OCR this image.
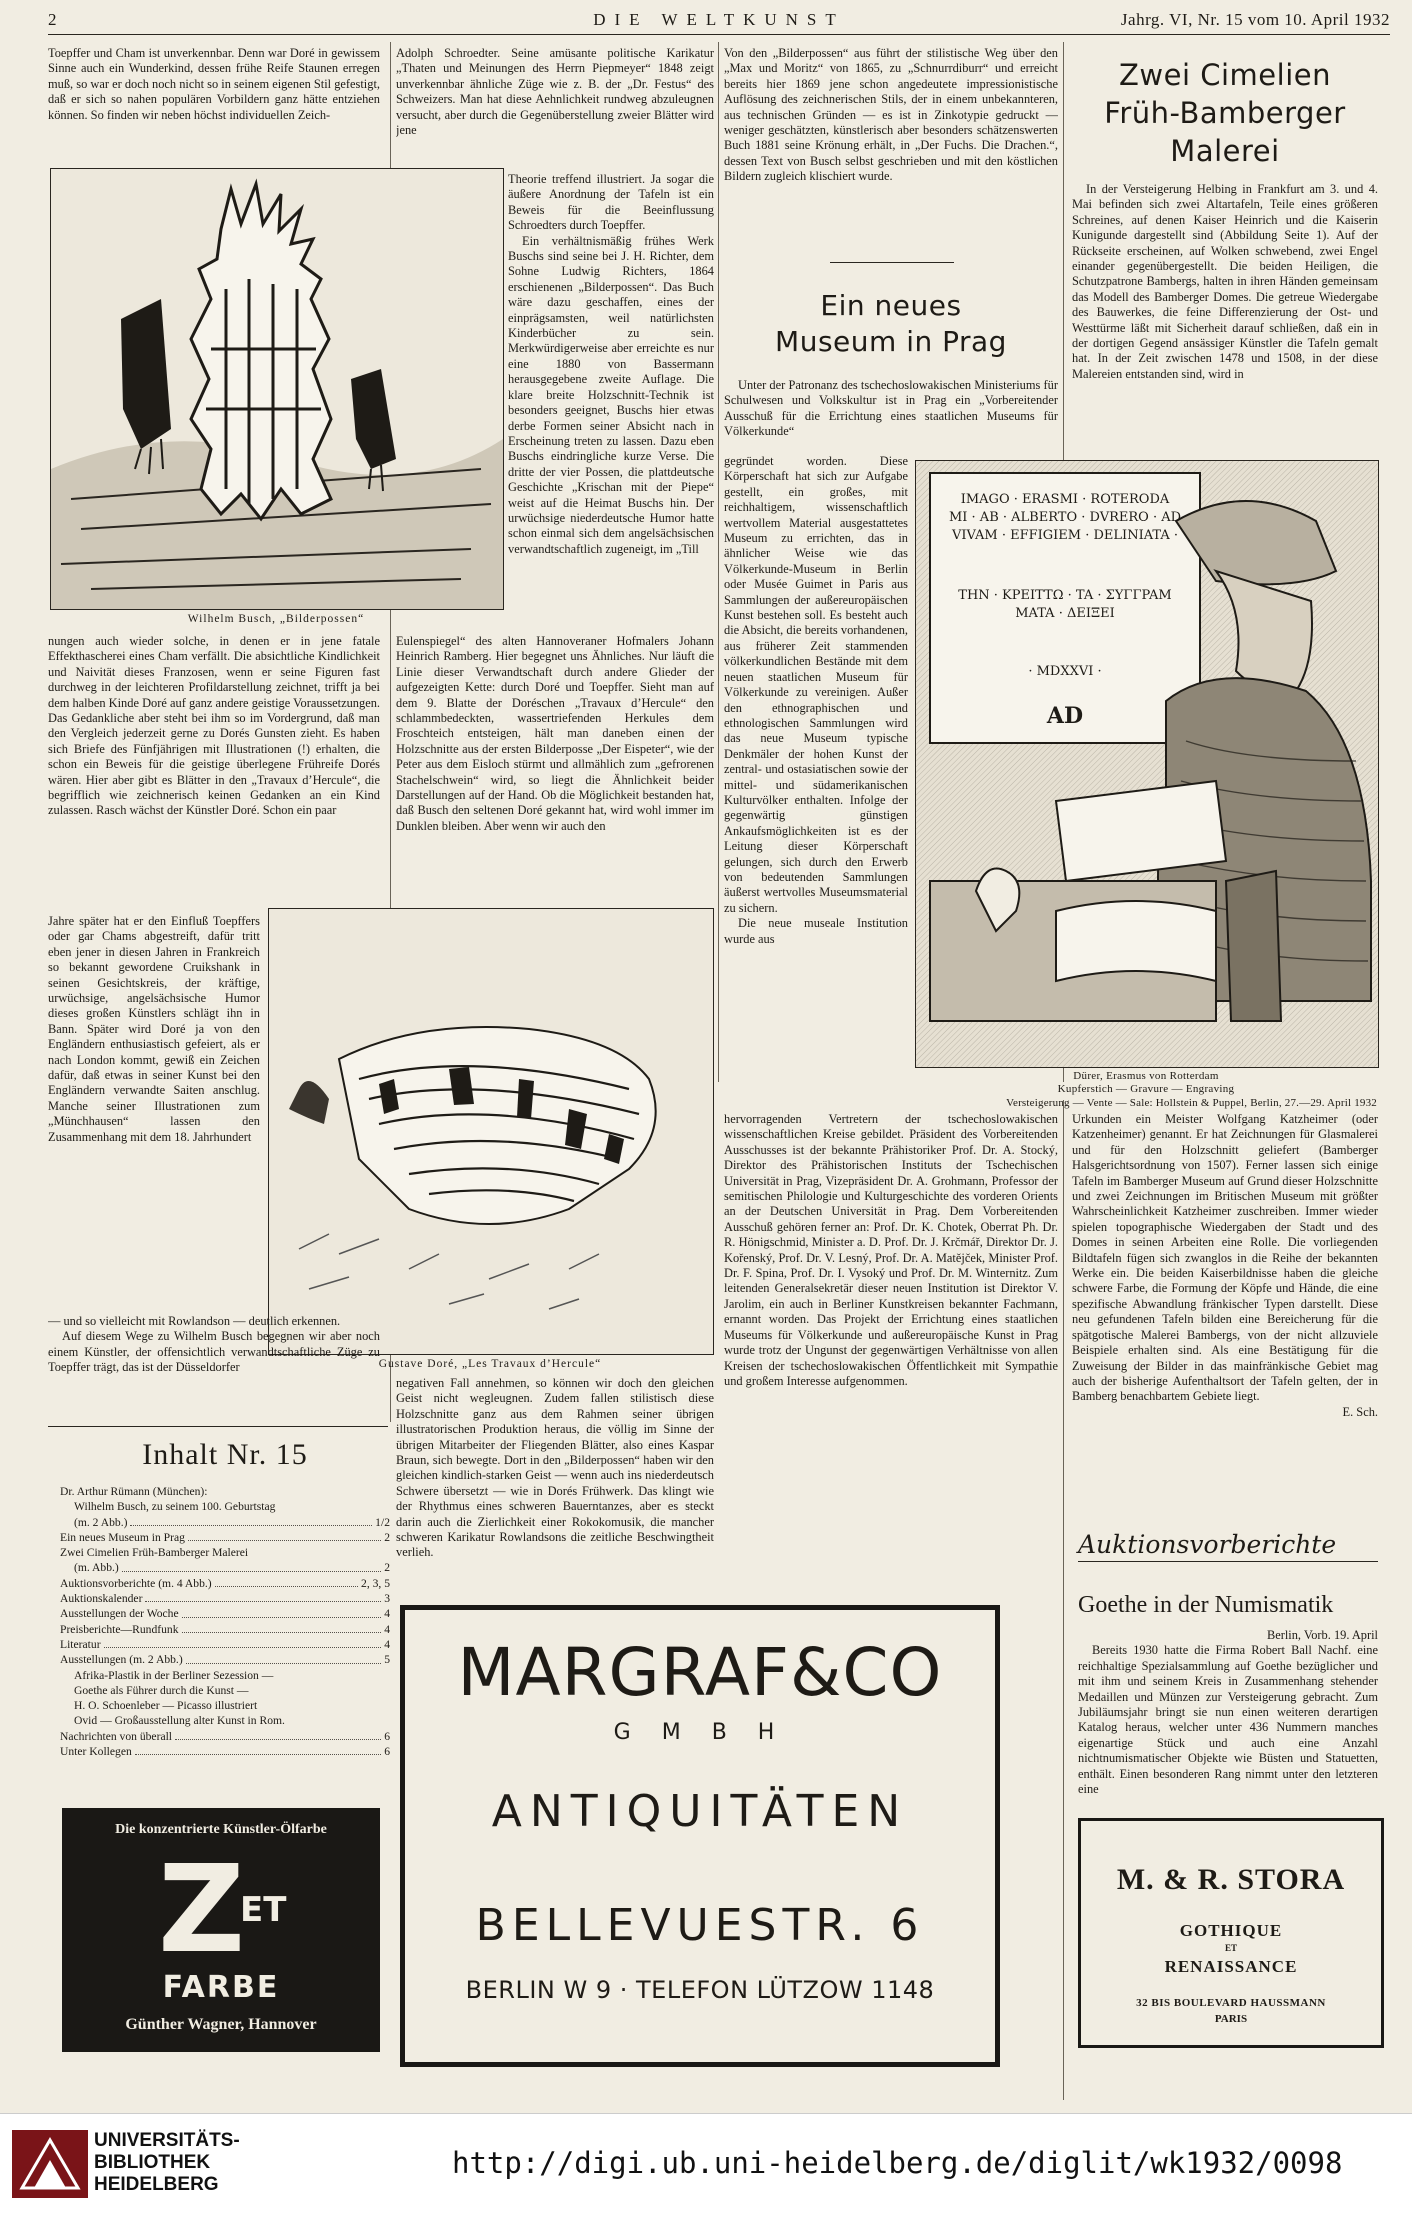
2	DIE WELTKUNST	Jahrg. VI, Nr. 15 vom 10. April 1932

Toepffer und Cham ist unverkennbar. Denn war Doré in gewissem Sinne auch ein Wunderkind, dessen frühe Reife Staunen erregen muß, so war er doch noch nicht so in seinem eigenen Stil gefestigt, daß er sich so nahen populären Vorbildern ganz hätte entziehen können. So finden wir neben höchst individuellen Zeich-

Adolph Schroedter. Seine amüsante politische Karikatur „Thaten und Meinungen des Herrn Piepmeyer“ 1848 zeigt unverkennbar ähnliche Züge wie z. B. der „Dr. Festus“ des Schweizers. Man hat diese Aehnlichkeit rundweg abzuleugnen versucht, aber durch die Gegenüberstellung zweier Blätter wird jene

Wilhelm Busch, „Bilderpossen“

Theorie treffend illustriert. Ja sogar die äußere Anordnung der Tafeln ist ein Beweis für die Beeinflussung Schroedters durch Toepffer.

Ein verhältnismäßig frühes Werk Buschs sind seine bei J. H. Richter, dem Sohne Ludwig Richters, 1864 erschienenen „Bilderpossen“. Das Buch wäre dazu geschaffen, eines der einprägsamsten, weil natürlichsten Kinderbücher zu sein. Merkwürdigerweise aber erreichte es nur eine 1880 von Bassermann herausgegebene zweite Auflage. Die klare breite Holzschnitt-Technik ist besonders geeignet, Buschs hier etwas derbe Formen seiner Absicht nach in Erscheinung treten zu lassen. Dazu eben Buschs eindringliche kurze Verse. Die dritte der vier Possen, die plattdeutsche Geschichte „Krischan mit der Piepe“ weist auf die Heimat Buschs hin. Der urwüchsige niederdeutsche Humor hatte schon einmal sich dem angelsächsischen verwandtschaftlich zugeneigt, im „Till

nungen auch wieder solche, in denen er in jene fatale Effekthascherei eines Cham verfällt. Die absichtliche Kindlichkeit und Naivität dieses Franzosen, wenn er seine Figuren fast durchweg in der leichteren Profildarstellung zeichnet, trifft ja bei dem halben Kinde Doré auf ganz andere geistige Voraussetzungen. Das Gedankliche aber steht bei ihm so im Vordergrund, daß man den Vergleich jederzeit gerne zu Dorés Gunsten zieht. Es haben sich Briefe des Fünfjährigen mit Illustrationen (!) erhalten, die schon ein Beweis für die geistige überlegene Frühreife Dorés wären. Hier aber gibt es Blätter in den „Travaux d’Hercule“, die begrifflich wie zeichnerisch keinen Gedanken an ein Kind zulassen. Rasch wächst der Künstler Doré. Schon ein paar

Jahre später hat er den Einfluß Toepffers oder gar Chams abgestreift, dafür tritt eben jener in diesen Jahren in Frankreich so bekannt gewordene Cruikshank in seinen Gesichtskreis, der kräftige, urwüchsige, angelsächsische Humor dieses großen Künstlers schlägt ihn in Bann. Später wird Doré ja von den Engländern enthusiastisch gefeiert, als er nach London kommt, gewiß ein Zeichen dafür, daß etwas in seiner Kunst bei den Engländern verwandte Saiten anschlug. Manche seiner Illustrationen zum „Münchhausen“ lassen den Zusammenhang mit dem 18. Jahrhundert

Eulenspiegel“ des alten Hannoveraner Hofmalers Johann Heinrich Ramberg. Hier begegnet uns Ähnliches. Nur läuft die Linie dieser Verwandtschaft durch andere Glieder der aufgezeigten Kette: durch Doré und Toepffer. Sieht man auf dem 9. Blatte der Doréschen „Travaux d’Hercule“ den schlammbedeckten, wassertriefenden Herkules dem Froschteich entsteigen, hält man daneben einen der Holzschnitte aus der ersten Bilderposse „Der Eispeter“, wie der Peter aus dem Eisloch stürmt und allmählich zum „gefrorenen Stachelschwein“ wird, so liegt die Ähnlichkeit beider Darstellungen auf der Hand. Ob die Möglichkeit bestanden hat, daß Busch den seltenen Doré gekannt hat, wird wohl immer im Dunklen bleiben. Aber wenn wir auch den

Gustave Doré, „Les Travaux d’Hercule“

— und so vielleicht mit Rowlandson — deutlich erkennen.

Auf diesem Wege zu Wilhelm Busch begegnen wir aber noch einem Künstler, der offensichtlich verwandtschaftliche Züge zu Toepffer trägt, das ist der Düsseldorfer

negativen Fall annehmen, so können wir doch den gleichen Geist nicht wegleugnen. Zudem fallen stilistisch diese Holzschnitte ganz aus dem Rahmen seiner übrigen illustratorischen Produktion heraus, die völlig im Sinne der übrigen Mitarbeiter der Fliegenden Blätter, also eines Kaspar Braun, sich bewegte. Dort in den „Bilderpossen“ haben wir den gleichen kindlich-starken Geist — wenn auch ins niederdeutsch Schwere übersetzt — wie in Dorés Frühwerk. Das klingt wie der Rhythmus eines schweren Bauerntanzes, aber es steckt darin auch die Zierlichkeit einer Rokokomusik, die mancher schweren Karikatur Rowlandsons die zeitliche Beschwingtheit verlieh.

Inhalt Nr. 15
Dr. Arthur Rümann (München):
Wilhelm Busch, zu seinem 100. Geburtstag
(m. 2 Abb.)	1/2
Ein neues Museum in Prag	2
Zwei Cimelien Früh-Bamberger Malerei
(m. Abb.)	2
Auktionsvorberichte (m. 4 Abb.)	2, 3, 5
Auktionskalender	3
Ausstellungen der Woche	4
Preisberichte—Rundfunk	4
Literatur	4
Ausstellungen (m. 2 Abb.)	5
Afrika-Plastik in der Berliner Sezession —
Goethe als Führer durch die Kunst —
H. O. Schoenleber — Picasso illustriert
Ovid — Großausstellung alter Kunst in Rom.
Nachrichten von überall	6
Unter Kollegen	6
Die konzentrierte Künstler-Ölfarbe
Z
ET
FARBE
Günther Wagner, Hannover

Von den „Bilderpossen“ aus führt der stilistische Weg über den „Max und Moritz“ von 1865, zu „Schnurrdiburr“ und erreicht bereits hier 1869 jene schon angedeutete impressionistische Auflösung des zeichnerischen Stils, der in einem unbekannteren, aus technischen Gründen — es ist in Zinkotypie gedruckt — weniger geschätzten, künstlerisch aber besonders schätzenswerten Buch 1881 seine Krönung erhält, in „Der Fuchs. Die Drachen.“, dessen Text von Busch selbst geschrieben und mit den köstlichen Bildern zugleich klischiert wurde.

Ein neues
Museum in Prag

Unter der Patronanz des tschechoslowakischen Ministeriums für Schulwesen und Volkskultur ist in Prag ein „Vorbereitender Ausschuß für die Errichtung eines staatlichen Museums für Völkerkunde“

gegründet worden. Diese Körperschaft hat sich zur Aufgabe gestellt, ein großes, mit reichhaltigem, wissenschaftlich wertvollem Material ausgestattetes Museum zu errichten, das in ähnlicher Weise wie das Völkerkunde-Museum in Berlin oder Musée Guimet in Paris aus Sammlungen der außereuropäischen Kunst bestehen soll. Es besteht auch die Absicht, die bereits vorhandenen, aus früherer Zeit stammenden völkerkundlichen Bestände mit dem neuen staatlichen Museum für Völkerkunde zu vereinigen. Außer den ethnographischen und ethnologischen Sammlungen wird das neue Museum typische Denkmäler der hohen Kunst der zentral- und ostasiatischen sowie der mittel- und südamerikanischen Kulturvölker enthalten. Infolge der gegenwärtig günstigen Ankaufsmöglichkeiten ist es der Leitung dieser Körperschaft gelungen, sich durch den Erwerb von bedeutenden Sammlungen äußerst wertvolles Museumsmaterial zu sichern.

Die neue museale Institution wurde aus

IMAGO · ERASMI · ROTERODA
MI · AB · ALBERTO · DVRERO · AD
VIVAM · EFFIGIEM · DELINIATA ·
THN · KPEITTΩ · TA · ΣYΓΓPAM
MATA · ΔEIΞEI
· MDXXVI ·
AD
Dürer, Erasmus von Rotterdam
Kupferstich — Gravure — Engraving
Versteigerung — Vente — Sale: Hollstein & Puppel, Berlin, 27.—29. April 1932

hervorragenden Vertretern der tschechoslowakischen wissenschaftlichen Kreise gebildet. Präsident des Vorbereitenden Ausschusses ist der bekannte Prähistoriker Prof. Dr. A. Stocký, Direktor des Prähistorischen Instituts der Tschechischen Universität in Prag, Vizepräsident Dr. A. Grohmann, Professor der semitischen Philologie und Kulturgeschichte des vorderen Orients an der Deutschen Universität in Prag. Dem Vorbereitenden Ausschuß gehören ferner an: Prof. Dr. K. Chotek, Oberrat Ph. Dr. R. Hönigschmid, Minister a. D. Prof. Dr. J. Krčmář, Direktor Dr. J. Kořenský, Prof. Dr. V. Lesný, Prof. Dr. A. Matějček, Minister Prof. Dr. F. Spina, Prof. Dr. I. Vysoký und Prof. Dr. M. Winternitz. Zum leitenden Generalsekretär dieser neuen Institution ist Direktor V. Jarolim, ein auch in Berliner Kunstkreisen bekannter Fachmann, ernannt worden. Das Projekt der Errichtung eines staatlichen Museums für Völkerkunde und außereuropäische Kunst in Prag wurde trotz der Ungunst der gegenwärtigen Verhältnisse von allen Kreisen der tschechoslowakischen Öffentlichkeit mit Sympathie und großem Interesse aufgenommen.

Zwei Cimelien
Früh-Bamberger
Malerei

In der Versteigerung Helbing in Frankfurt am 3. und 4. Mai befinden sich zwei Altartafeln, Teile eines größeren Schreines, auf denen Kaiser Heinrich und die Kaiserin Kunigunde dargestellt sind (Abbildung Seite 1). Auf der Rückseite erscheinen, auf Wolken schwebend, zwei Engel einander gegenübergestellt. Die beiden Heiligen, die Schutzpatrone Bambergs, halten in ihren Händen gemeinsam das Modell des Bamberger Domes. Die getreue Wiedergabe des Bauwerkes, die feine Differenzierung der Ost- und Westtürme läßt mit Sicherheit darauf schließen, daß ein in der dortigen Gegend ansässiger Künstler die Tafeln gemalt hat. In der Zeit zwischen 1478 und 1508, in der diese Malereien entstanden sind, wird in

Urkunden ein Meister Wolfgang Katzheimer (oder Katzenheimer) genannt. Er hat Zeichnungen für Glasmalerei und für den Holzschnitt geliefert (Bamberger Halsgerichtsordnung von 1507). Ferner lassen sich einige Tafeln im Bamberger Museum auf Grund dieser Holzschnitte und zwei Zeichnungen im Britischen Museum mit größter Wahrscheinlichkeit Katzheimer zuschreiben. Immer wieder spielen topographische Wiedergaben der Stadt und des Domes in seinen Arbeiten eine Rolle. Die vorliegenden Bildtafeln fügen sich zwanglos in die Reihe der bekannten Werke ein. Die beiden Kaiserbildnisse haben die gleiche schwere Farbe, die Formung der Köpfe und Hände, die eine spezifische Abwandlung fränkischer Typen darstellt. Diese neu gefundenen Tafeln bilden eine Bereicherung für die spätgotische Malerei Bambergs, von der nicht allzuviele Beispiele erhalten sind. Als eine Bestätigung für die Zuweisung der Bilder in das mainfränkische Gebiet mag auch der bisherige Aufenthaltsort der Tafeln gelten, der in Bamberg benachbartem Gebiete liegt.

E. Sch.

Auktionsvorberichte
Goethe in der Numismatik

Berlin, Vorb. 19. April

Bereits 1930 hatte die Firma Robert Ball Nachf. eine reichhaltige Spezialsammlung auf Goethe bezüglicher und mit ihm und seinem Kreis in Zusammenhang stehender Medaillen und Münzen zur Versteigerung gebracht. Zum Jubiläumsjahr bringt sie nun einen weiteren derartigen Katalog heraus, welcher unter 436 Nummern manches eigenartige Stück und auch eine Anzahl nichtnumismatischer Objekte wie Büsten und Statuetten, enthält. Einen besonderen Rang nimmt unter den letzteren eine

MARGRAF&CO
G M B H
ANTIQUITÄTEN
BELLEVUESTR. 6
BERLIN W 9 · TELEFON LÜTZOW 1148
M. & R. STORA
GOTHIQUE
ET
RENAISSANCE
32 BIS BOULEVARD HAUSSMANN
PARIS
UNIVERSITÄTS-
BIBLIOTHEK
HEIDELBERG
http://digi.ub.uni-heidelberg.de/diglit/wk1932/0098
